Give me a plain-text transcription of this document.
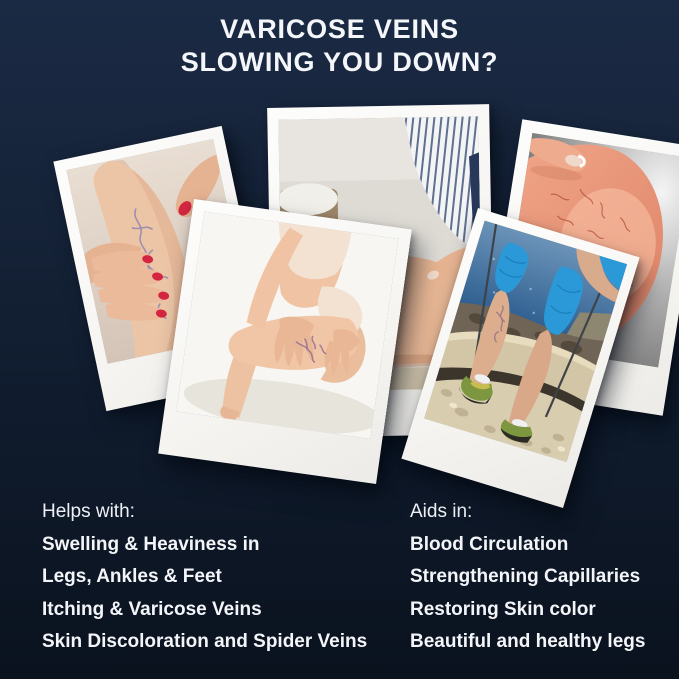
VARICOSE VEINS
SLOWING YOU DOWN?
Helps with:
Swelling & Heaviness in
Legs, Ankles & Feet
Itching & Varicose Veins
Skin Discoloration and Spider Veins
Aids in:
Blood Circulation
Strengthening Capillaries
Restoring Skin color
Beautiful and healthy legs
